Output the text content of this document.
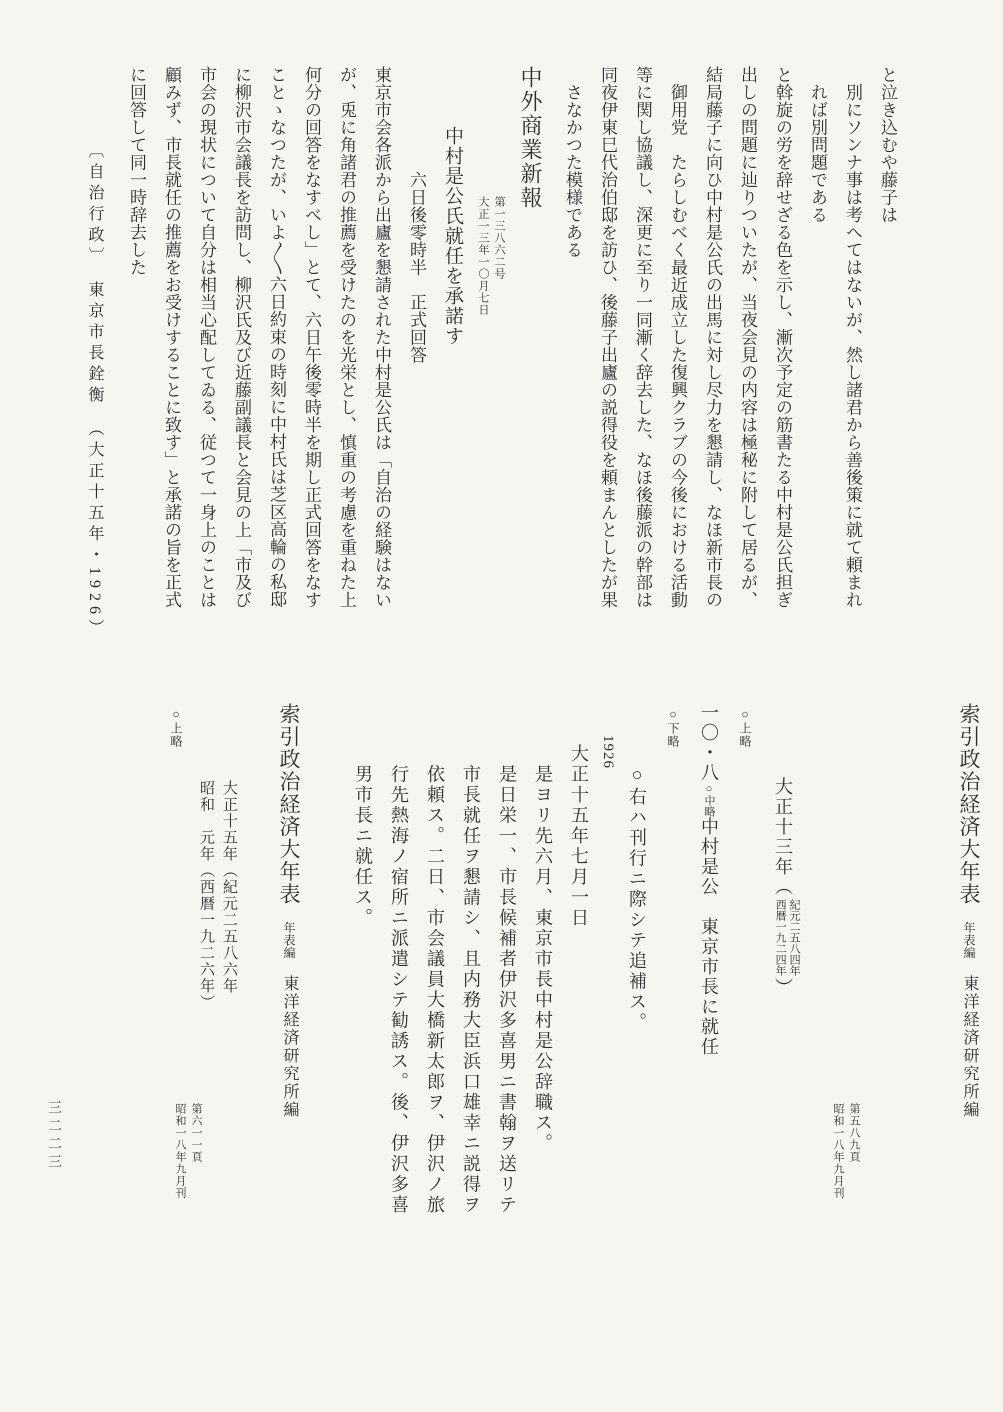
と泣き込むや藤子は
　別にソンナ事は考へてはないが、然し諸君から善後策に就て頼まれ
　れば別問題である
と斡旋の労を辞せざる色を示し、漸次予定の筋書たる中村是公氏担ぎ
出しの問題に辿りついたが、当夜会見の内容は極秘に附して居るが、
結局藤子に向ひ中村是公氏の出馬に対し尽力を懇請し、なほ新市長の
　御用党　たらしむべく最近成立した復興クラブの今後における活動
等に関し協議し、深更に至り一同漸く辞去した、なほ後藤派の幹部は
同夜伊東巳代治伯邸を訪ひ、後藤子出廬の説得役を頼まんとしたが果
　さなかつた模様である
中外商業新報
第一三八六二号
大正一三年一〇月七日
　　　中村是公氏就任を承諾す
　　　　　　六日後零時半　正式回答
東京市会各派から出廬を懇請された中村是公氏は「自治の経験はない
が、兎に角諸君の推薦を受けたのを光栄とし、慎重の考慮を重ねた上
何分の回答をなすべし」とて、六日午後零時半を期し正式回答をなす
ことゝなつたが、いよ〳〵六日約束の時刻に中村氏は芝区高輪の私邸
に柳沢市会議長を訪問し、柳沢氏及び近藤副議長と会見の上「市及び
市会の現状について自分は相当心配してゐる、従つて一身上のことは
顧みず、市長就任の推薦をお受けすることに致す」と承諾の旨を正式
に回答して同一時辞去した
　　　　〔自治行政〕　東京市長銓衡　（大正十五年・1926）
第五八九頁
昭和一八年九月刊
索引政治経済大年表　年表編　東洋経済研究所編
大正十三年（
紀元二五八四年
西暦一九二四年
）
○上略
一〇・八○中略中村是公　東京市長に就任
○下略
　　　○右ハ刊行ニ際シテ追補ス。
1926
　　大正十五年七月一日
　　　是ヨリ先六月、東京市長中村是公辞職ス。
　　　是日栄一、市長候補者伊沢多喜男ニ書翰ヲ送リテ
　　　市長就任ヲ懇請シ、且内務大臣浜口雄幸ニ説得ヲ
　　　依頼ス。二日、市会議員大橋新太郎ヲ、伊沢ノ旅
　　　行先熱海ノ宿所ニ派遣シテ勧誘ス。後、伊沢多喜
　　　男市長ニ就任ス。
第六一一頁
昭和一八年九月刊
索引政治経済大年表　年表編　東洋経済研究所編
大正十五年（紀元二五八六年
昭和　元年（西暦一九二六年）
○上略
三二二三
